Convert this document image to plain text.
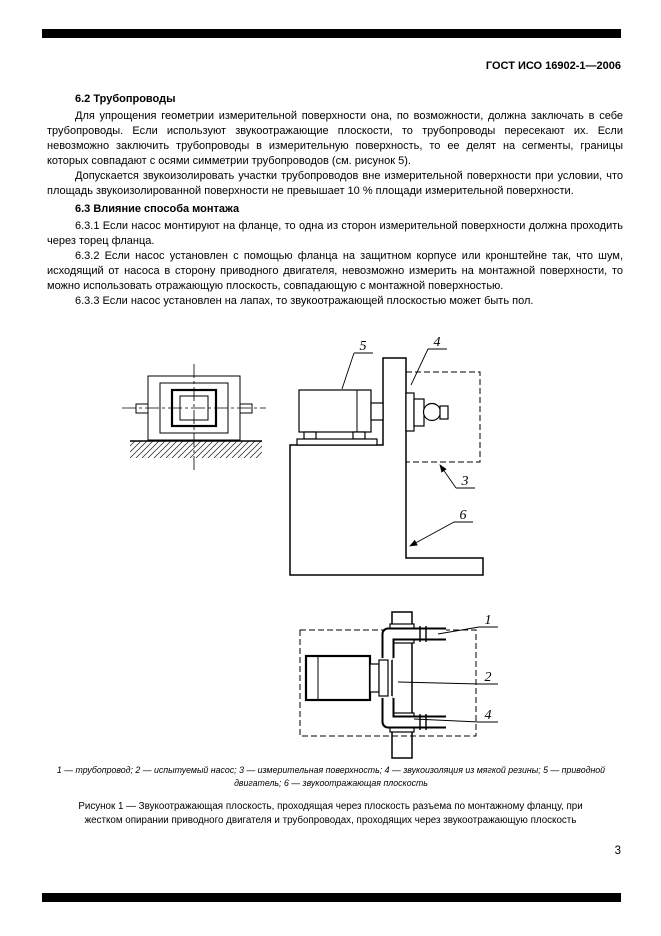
ГОСТ ИСО 16902-1—2006

6.2 Трубопроводы

Для упрощения геометрии измерительной поверхности она, по возможности, должна заключать в себе трубопроводы. Если используют звукоотражающие плоскости, то трубопроводы пересекают их. Если невозможно заключить трубопроводы в измерительную поверхность, то ее делят на сегменты, границы которых совпадают с осями симметрии трубопроводов (см. рисунок 5).

Допускается звукоизолировать участки трубопроводов вне измерительной поверхности при условии, что площадь звукоизолированной поверхности не превышает 10 % площади измерительной поверхности.

6.3 Влияние способа монтажа

6.3.1 Если насос монтируют на фланце, то одна из сторон измерительной поверхности должна проходить через торец фланца.

6.3.2 Если насос установлен с помощью фланца на защитном корпусе или кронштейне так, что шум, исходящий от насоса в сторону приводного двигателя, невозможно измерить на монтажной поверхности, то можно использовать отражающую плоскость, совпадающую с монтажной поверхностью.

6.3.3 Если насос установлен на лапах, то звукоотражающей плоскостью может быть пол.

5	4
3
6
1
2
4
1 — трубопровод; 2 — испытуемый насос; 3 — измерительная поверхность; 4 — звукоизоляция из мягкой резины; 5 — приводной двигатель; 6 — звукоотражающая плоскость
Рисунок 1 — Звукоотражающая плоскость, проходящая через плоскость разъема по монтажному фланцу, при жестком опирании приводного двигателя и трубопроводах, проходящих через звукоотражающую плоскость
3
